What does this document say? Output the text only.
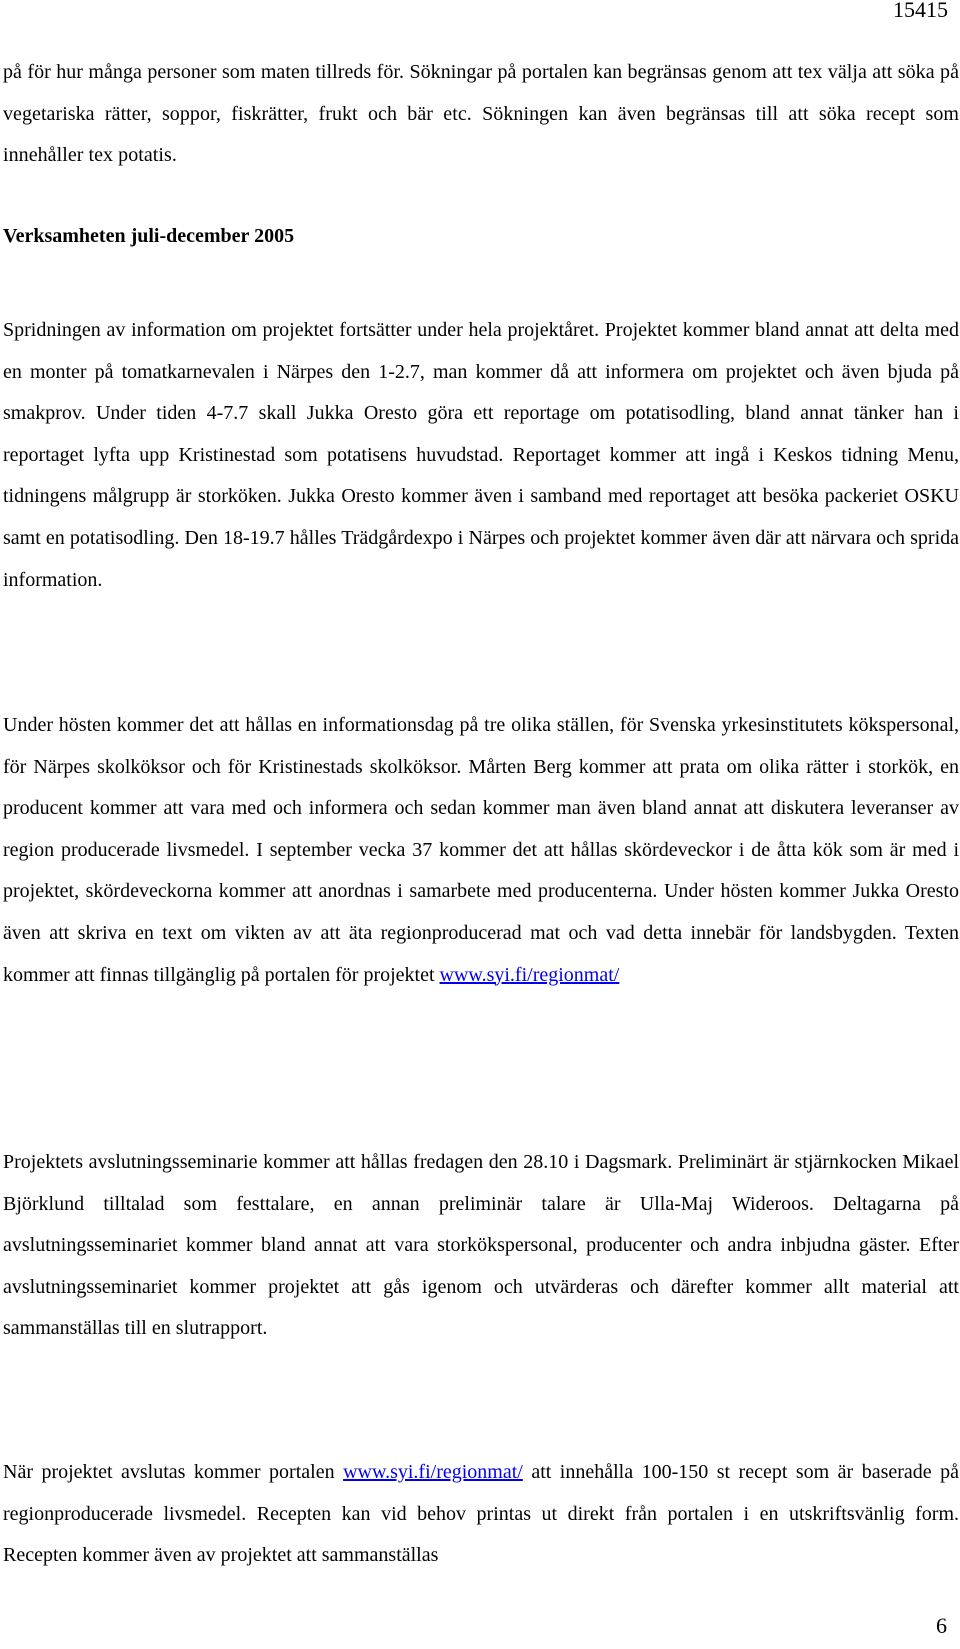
15415

på för hur många personer som maten tillreds för. Sökningar på portalen kan begränsas genom att tex välja att söka på vegetariska rätter, soppor, fiskrätter, frukt och bär etc. Sökningen kan även begränsas till att söka recept som innehåller tex potatis.

Verksamheten juli-december 2005

Spridningen av information om projektet fortsätter under hela projektåret. Projektet kommer bland annat att delta med en monter på tomatkarnevalen i Närpes den 1-2.7, man kommer då att informera om projektet och även bjuda på smakprov. Under tiden 4-7.7 skall Jukka Oresto göra ett reportage om potatisodling, bland annat tänker han i reportaget lyfta upp Kristinestad som potatisens huvudstad. Reportaget kommer att ingå i Keskos tidning Menu, tidningens målgrupp är storköken. Jukka Oresto kommer även i samband med reportaget att besöka packeriet OSKU samt en potatisodling. Den 18-19.7 hålles Trädgårdexpo i Närpes och projektet kommer även där att närvara och sprida information.

Under hösten kommer det att hållas en informationsdag på tre olika ställen, för Svenska yrkesinstitutets kökspersonal, för Närpes skolköksor och för Kristinestads skolköksor. Mårten Berg kommer att prata om olika rätter i storkök, en producent kommer att vara med och informera och sedan kommer man även bland annat att diskutera leveranser av region producerade livsmedel. I september vecka 37 kommer det att hållas skördeveckor i de åtta kök som är med i projektet, skördeveckorna kommer att anordnas i samarbete med producenterna. Under hösten kommer Jukka Oresto även att skriva en text om vikten av att äta regionproducerad mat och vad detta innebär för landsbygden. Texten kommer att finnas tillgänglig på portalen för projektet www.syi.fi/regionmat/

Projektets avslutningsseminarie kommer att hållas fredagen den 28.10 i Dagsmark. Preliminärt är stjärnkocken Mikael Björklund tilltalad som festtalare, en annan preliminär talare är Ulla-Maj Wideroos. Deltagarna på avslutningsseminariet kommer bland annat att vara storkökspersonal, producenter och andra inbjudna gäster. Efter avslutningsseminariet kommer projektet att gås igenom och utvärderas och därefter kommer allt material att sammanställas till en slutrapport.

När projektet avslutas kommer portalen www.syi.fi/regionmat/ att innehålla 100-150 st recept som är baserade på regionproducerade livsmedel. Recepten kan vid behov printas ut direkt från portalen i en utskriftsvänlig form. Recepten kommer även av projektet att sammanställas

6
